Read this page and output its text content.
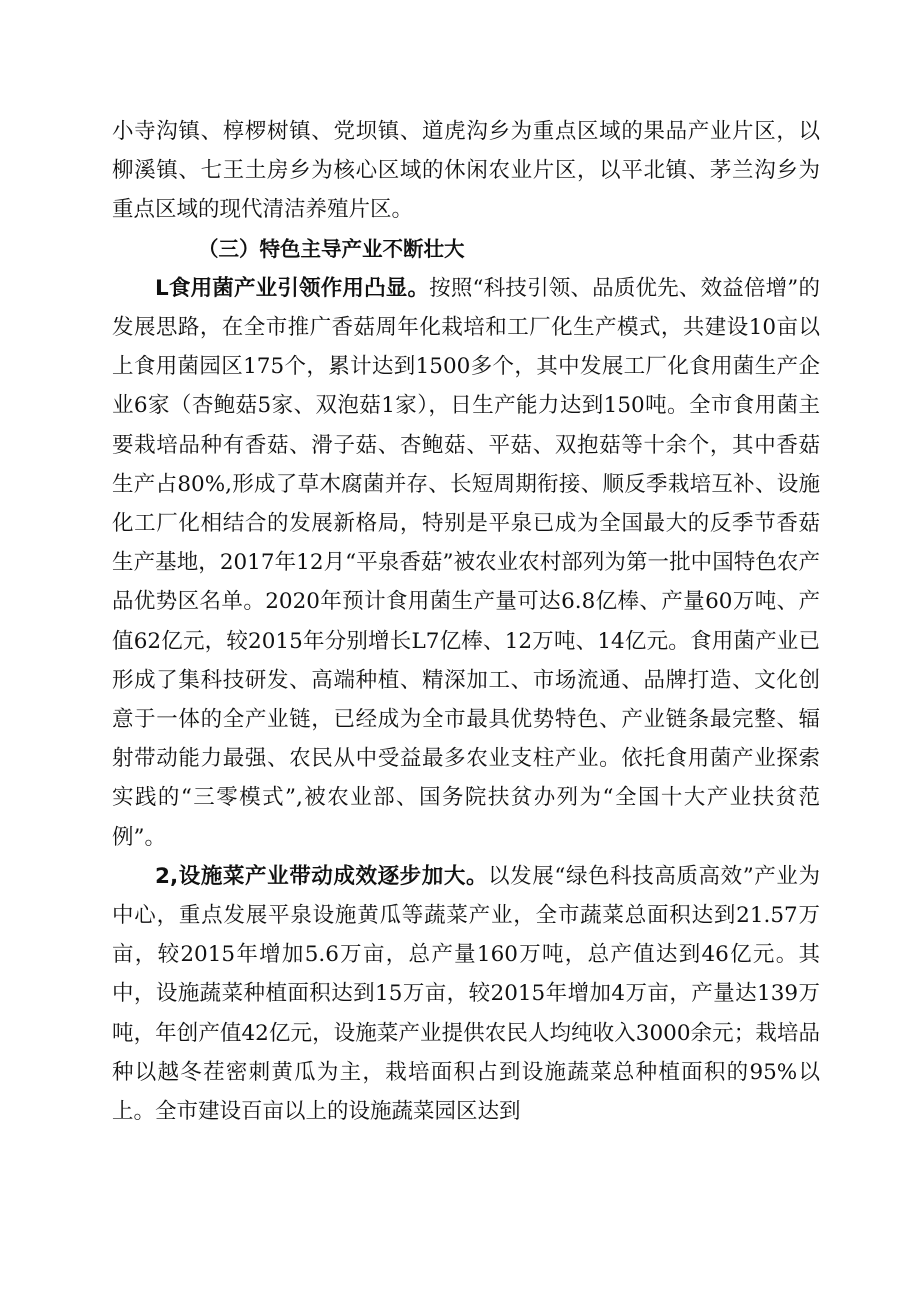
小寺沟镇、椁椤树镇、党坝镇、道虎沟乡为重点区域的果品产业片区，以柳溪镇、七王土房乡为核心区域的休闲农业片区，以平北镇、茅兰沟乡为重点区域的现代清洁养殖片区。

（三）特色主导产业不断壮大

L食用菌产业引领作用凸显。按照“科技引领、品质优先、效益倍增”的发展思路，在全市推广香菇周年化栽培和工厂化生产模式，共建设10亩以上食用菌园区175个，累计达到1500多个，其中发展工厂化食用菌生产企业6家（杏鲍菇5家、双泡菇1家），日生产能力达到150吨。全市食用菌主要栽培品种有香菇、滑子菇、杏鲍菇、平菇、双抱菇等十余个，其中香菇生产占80%,形成了草木腐菌并存、长短周期衔接、顺反季栽培互补、设施化工厂化相结合的发展新格局，特别是平泉已成为全国最大的反季节香菇生产基地，2017年12月“平泉香菇”被农业农村部列为第一批中国特色农产品优势区名单。2020年预计食用菌生产量可达6.8亿棒、产量60万吨、产值62亿元，较2015年分别增长L7亿棒、12万吨、14亿元。食用菌产业已形成了集科技研发、高端种植、精深加工、市场流通、品牌打造、文化创意于一体的全产业链，已经成为全市最具优势特色、产业链条最完整、辐射带动能力最强、农民从中受益最多农业支柱产业。依托食用菌产业探索实践的“三零模式”,被农业部、国务院扶贫办列为“全国十大产业扶贫范例”。

2,设施菜产业带动成效逐步加大。以发展“绿色科技高质高效”产业为中心，重点发展平泉设施黄瓜等蔬菜产业，全市蔬菜总面积达到21.57万亩，较2015年增加5.6万亩，总产量160万吨，总产值达到46亿元。其中，设施蔬菜种植面积达到15万亩，较2015年增加4万亩，产量达139万吨，年创产值42亿元，设施菜产业提供农民人均纯收入3000余元；栽培品种以越冬茬密刺黄瓜为主，栽培面积占到设施蔬菜总种植面积的95%以上。全市建设百亩以上的设施蔬菜园区达到
